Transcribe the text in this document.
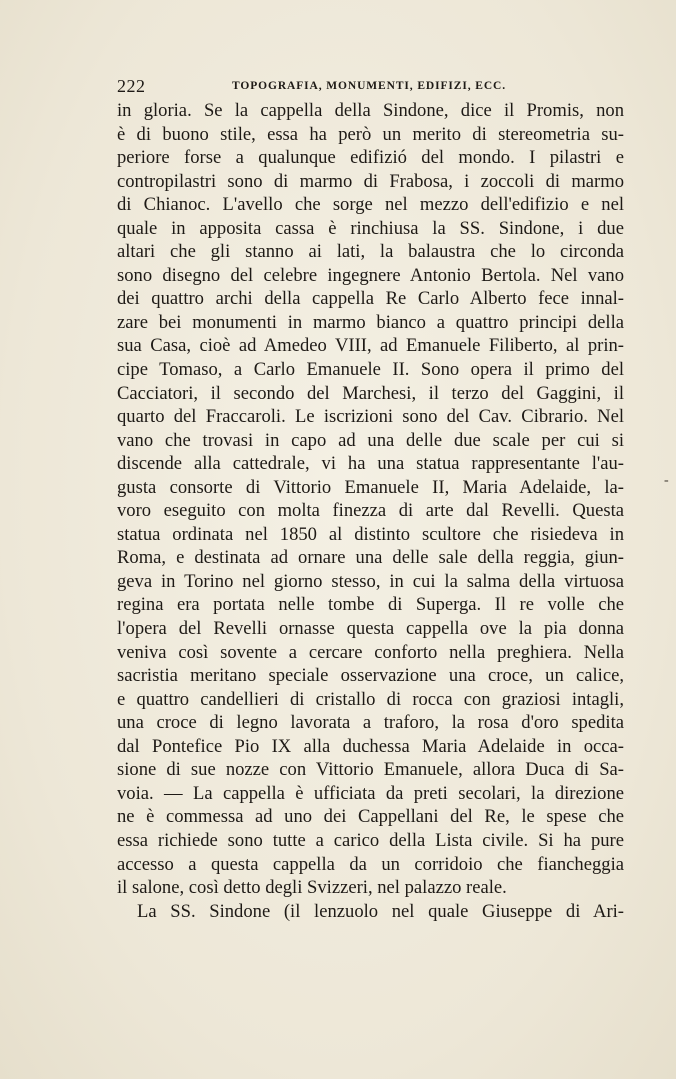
222	TOPOGRAFIA, MONUMENTI, EDIFIZI, ECC.
in gloria. Se la cappella della Sindone, dice il Promis, non
è di buono stile, essa ha però un merito di stereometria su-
periore forse a qualunque edifizió del mondo. I pilastri e
contropilastri sono di marmo di Frabosa, i zoccoli di marmo
di Chianoc. L'avello che sorge nel mezzo dell'edifizio e nel
quale in apposita cassa è rinchiusa la SS. Sindone, i due
altari che gli stanno ai lati, la balaustra che lo circonda
sono disegno del celebre ingegnere Antonio Bertola. Nel vano
dei quattro archi della cappella Re Carlo Alberto fece innal-
zare bei monumenti in marmo bianco a quattro principi della
sua Casa, cioè ad Amedeo VIII, ad Emanuele Filiberto, al prin-
cipe Tomaso, a Carlo Emanuele II. Sono opera il primo del
Cacciatori, il secondo del Marchesi, il terzo del Gaggini, il
quarto del Fraccaroli. Le iscrizioni sono del Cav. Cibrario. Nel
vano che trovasi in capo ad una delle due scale per cui si
discende alla cattedrale, vi ha una statua rappresentante l'au-
gusta consorte di Vittorio Emanuele II, Maria Adelaide, la-
voro eseguito con molta finezza di arte dal Revelli. Questa
statua ordinata nel 1850 al distinto scultore che risiedeva in
Roma, e destinata ad ornare una delle sale della reggia, giun-
geva in Torino nel giorno stesso, in cui la salma della virtuosa
regina era portata nelle tombe di Superga. Il re volle che
l'opera del Revelli ornasse questa cappella ove la pia donna
veniva così sovente a cercare conforto nella preghiera. Nella
sacristia meritano speciale osservazione una croce, un calice,
e quattro candellieri di cristallo di rocca con graziosi intagli,
una croce di legno lavorata a traforo, la rosa d'oro spedita
dal Pontefice Pio IX alla duchessa Maria Adelaide in occa-
sione di sue nozze con Vittorio Emanuele, allora Duca di Sa-
voia. — La cappella è ufficiata da preti secolari, la direzione
ne è commessa ad uno dei Cappellani del Re, le spese che
essa richiede sono tutte a carico della Lista civile. Si ha pure
accesso a questa cappella da un corridoio che fiancheggia
il salone, così detto degli Svizzeri, nel palazzo reale.
La SS. Sindone (il lenzuolo nel quale Giuseppe di Ari-
-
